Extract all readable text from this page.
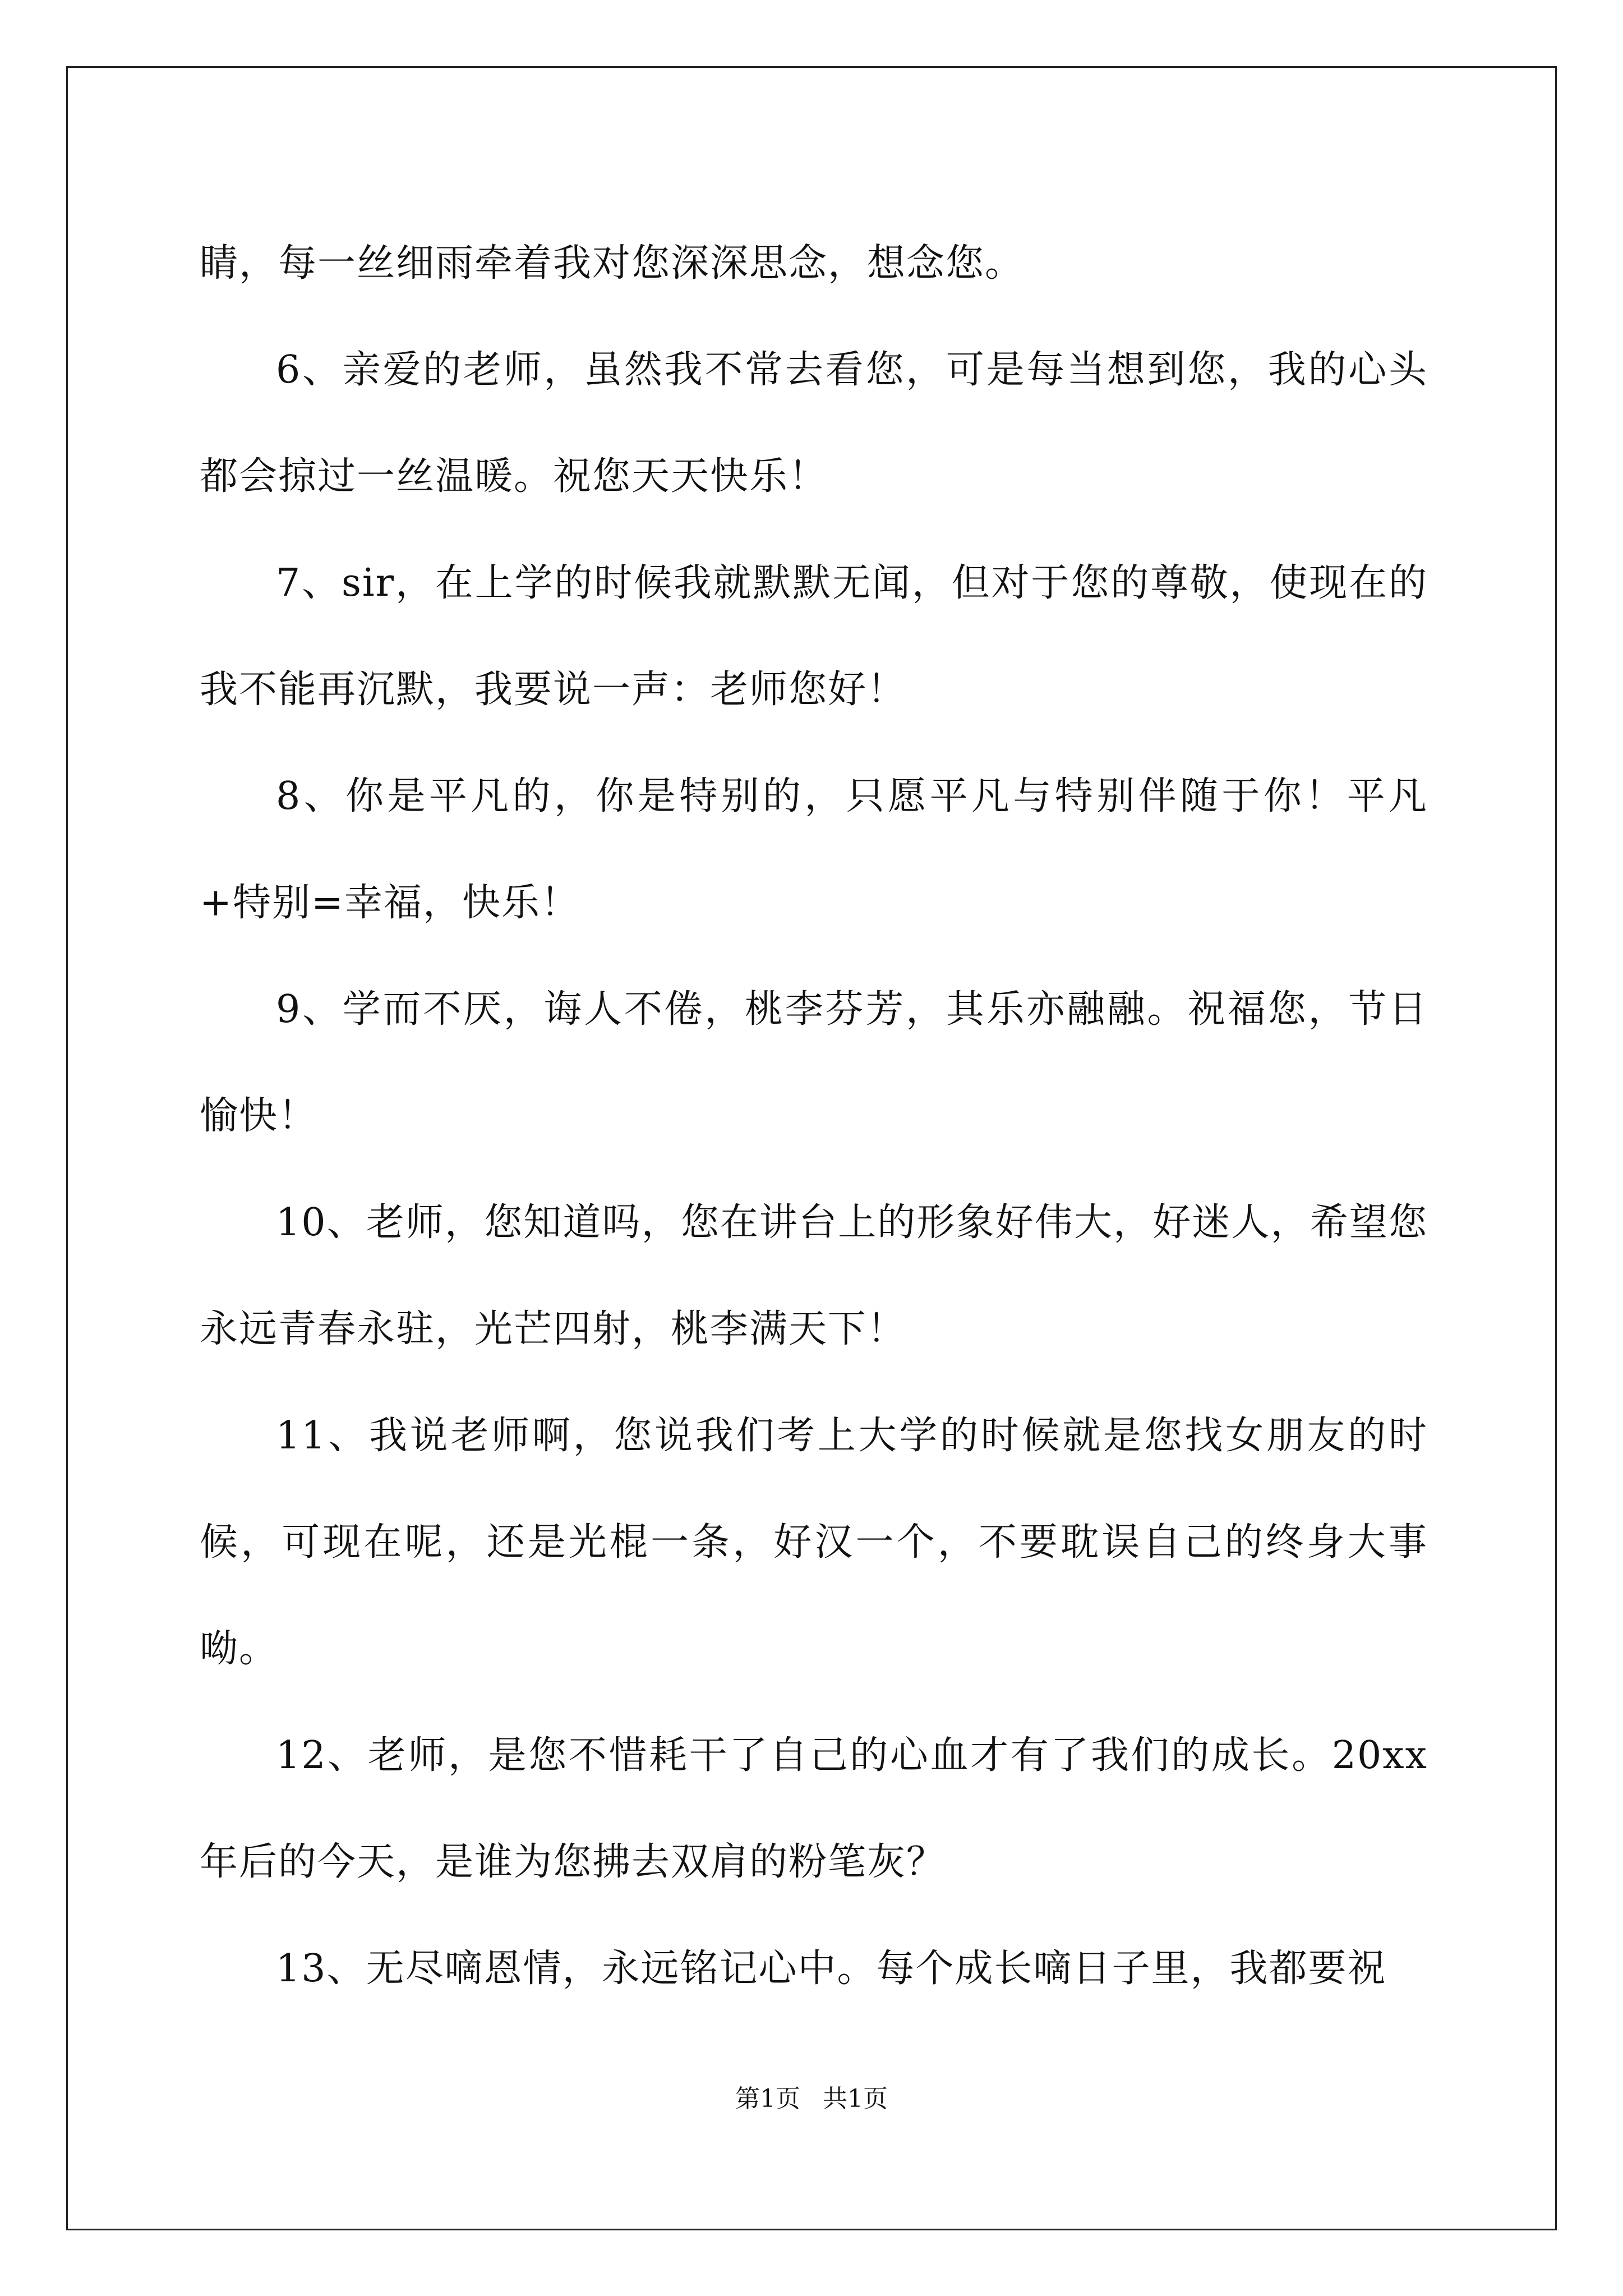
睛，每一丝细雨牵着我对您深深思念，想念您。

6、亲爱的老师，虽然我不常去看您，可是每当想到您，我的心头都会掠过一丝温暖。祝您天天快乐！

7、sir，在上学的时候我就默默无闻，但对于您的尊敬，使现在的我不能再沉默，我要说一声：老师您好！

8、你是平凡的，你是特别的，只愿平凡与特别伴随于你！平凡+特别=幸福，快乐！

9、学而不厌，诲人不倦，桃李芬芳，其乐亦融融。祝福您，节日愉快！

10、老师，您知道吗，您在讲台上的形象好伟大，好迷人，希望您永远青春永驻，光芒四射，桃李满天下！

11、我说老师啊，您说我们考上大学的时候就是您找女朋友的时候，可现在呢，还是光棍一条，好汉一个，不要耽误自己的终身大事呦。

12、老师，是您不惜耗干了自己的心血才有了我们的成长。20xx年后的今天，是谁为您拂去双肩的粉笔灰？

13、无尽嘀恩情，永远铭记心中。每个成长嘀日子里，我都要祝

第1页 共1页
